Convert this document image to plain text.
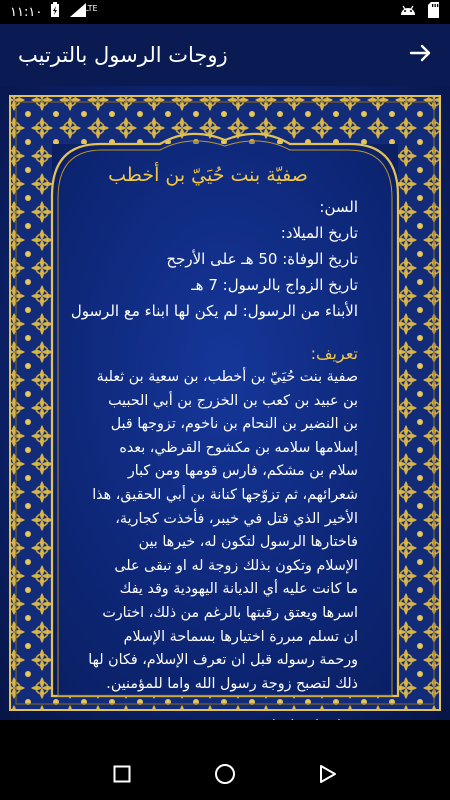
١١:١٠	LTE
زوجات الرسول بالترتيب
صفيّة بنت حُيَيّ بن أخطب
السن:
تاريخ الميلاد:
تاريخ الوفاة: 50 هـ على الأرجح
تاريخ الزواج بالرسول: 7 هـ
الأبناء من الرسول: لم يكن لها ابناء مع الرسول
تعريف:
صفية بنت حُيَيّ بن أخطب، بن سعية بن ثعلبة
بن عبيد بن كعب بن الخزرج بن أبي الحبيب
بن النضير بن النحام بن ناخوم، تزوجها قبل
إسلامها سلامه بن مكشوح القرظي، بعده
سلام بن مشكم، فارس قومها ومن كبار
شعرائهم، ثم تزوّجها كنانة بن أبي الحقيق، هذا
الأخير الذي قتل في خيبر، فأخذت كجارية،
فاختارها الرسول لتكون له، خيرها بين
الإسلام وتكون بذلك زوجة له او تبقى على
ما كانت عليه أي الديانة اليهودية وقد يفك
اسرها ويعتق رقبتها بالرغم من ذلك، اختارت
ان تسلم مبررة اختيارها بسماحة الإسلام
ورحمة رسوله قبل ان تعرف الإسلام، فكان لها
ذلك لتصبح زوجة رسول الله واما للمؤمنين.
